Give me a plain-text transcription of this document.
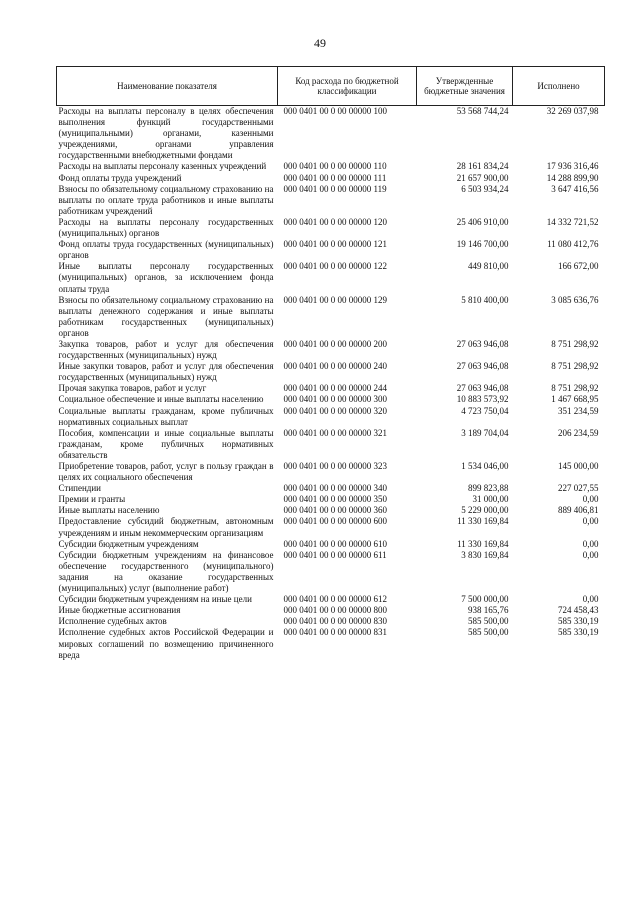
49
Наименование показателя	Код расхода по бюджетной классификации	Утвержденные бюджетные значения	Исполнено
Расходы на выплаты персоналу в целях обеспечения выполнения функций государственными (муниципальными) органами, казенными учреждениями, органами управления государственными внебюджетными фондами	000 0401 00 0 00 00000 100	53 568 744,24	32 269 037,98
Расходы на выплаты персоналу казенных учреждений	000 0401 00 0 00 00000 110	28 161 834,24	17 936 316,46
Фонд оплаты труда учреждений	000 0401 00 0 00 00000 111	21 657 900,00	14 288 899,90
Взносы по обязательному социальному страхованию на выплаты по оплате труда работников и иные выплаты работникам учреждений	000 0401 00 0 00 00000 119	6 503 934,24	3 647 416,56
Расходы на выплаты персоналу государственных (муниципальных) органов	000 0401 00 0 00 00000 120	25 406 910,00	14 332 721,52
Фонд оплаты труда государственных (муниципальных) органов	000 0401 00 0 00 00000 121	19 146 700,00	11 080 412,76
Иные выплаты персоналу государственных (муниципальных) органов, за исключением фонда оплаты труда	000 0401 00 0 00 00000 122	449 810,00	166 672,00
Взносы по обязательному социальному страхованию на выплаты денежного содержания и иные выплаты работникам государственных (муниципальных) органов	000 0401 00 0 00 00000 129	5 810 400,00	3 085 636,76
Закупка товаров, работ и услуг для обеспечения государственных (муниципальных) нужд	000 0401 00 0 00 00000 200	27 063 946,08	8 751 298,92
Иные закупки товаров, работ и услуг для обеспечения государственных (муниципальных) нужд	000 0401 00 0 00 00000 240	27 063 946,08	8 751 298,92
Прочая закупка товаров, работ и услуг	000 0401 00 0 00 00000 244	27 063 946,08	8 751 298,92
Социальное обеспечение и иные выплаты населению	000 0401 00 0 00 00000 300	10 883 573,92	1 467 668,95
Социальные выплаты гражданам, кроме публичных нормативных социальных выплат	000 0401 00 0 00 00000 320	4 723 750,04	351 234,59
Пособия, компенсации и иные социальные выплаты гражданам, кроме публичных нормативных обязательств	000 0401 00 0 00 00000 321	3 189 704,04	206 234,59
Приобретение товаров, работ, услуг в пользу граждан в целях их социального обеспечения	000 0401 00 0 00 00000 323	1 534 046,00	145 000,00
Стипендии	000 0401 00 0 00 00000 340	899 823,88	227 027,55
Премии и гранты	000 0401 00 0 00 00000 350	31 000,00	0,00
Иные выплаты населению	000 0401 00 0 00 00000 360	5 229 000,00	889 406,81
Предоставление субсидий бюджетным, автономным учреждениям и иным некоммерческим организациям	000 0401 00 0 00 00000 600	11 330 169,84	0,00
Субсидии бюджетным учреждениям	000 0401 00 0 00 00000 610	11 330 169,84	0,00
Субсидии бюджетным учреждениям на финансовое обеспечение государственного (муниципального) задания на оказание государственных (муниципальных) услуг (выполнение работ)	000 0401 00 0 00 00000 611	3 830 169,84	0,00
Субсидии бюджетным учреждениям на иные цели	000 0401 00 0 00 00000 612	7 500 000,00	0,00
Иные бюджетные ассигнования	000 0401 00 0 00 00000 800	938 165,76	724 458,43
Исполнение судебных актов	000 0401 00 0 00 00000 830	585 500,00	585 330,19
Исполнение судебных актов Российской Федерации и мировых соглашений по возмещению причиненного вреда	000 0401 00 0 00 00000 831	585 500,00	585 330,19
